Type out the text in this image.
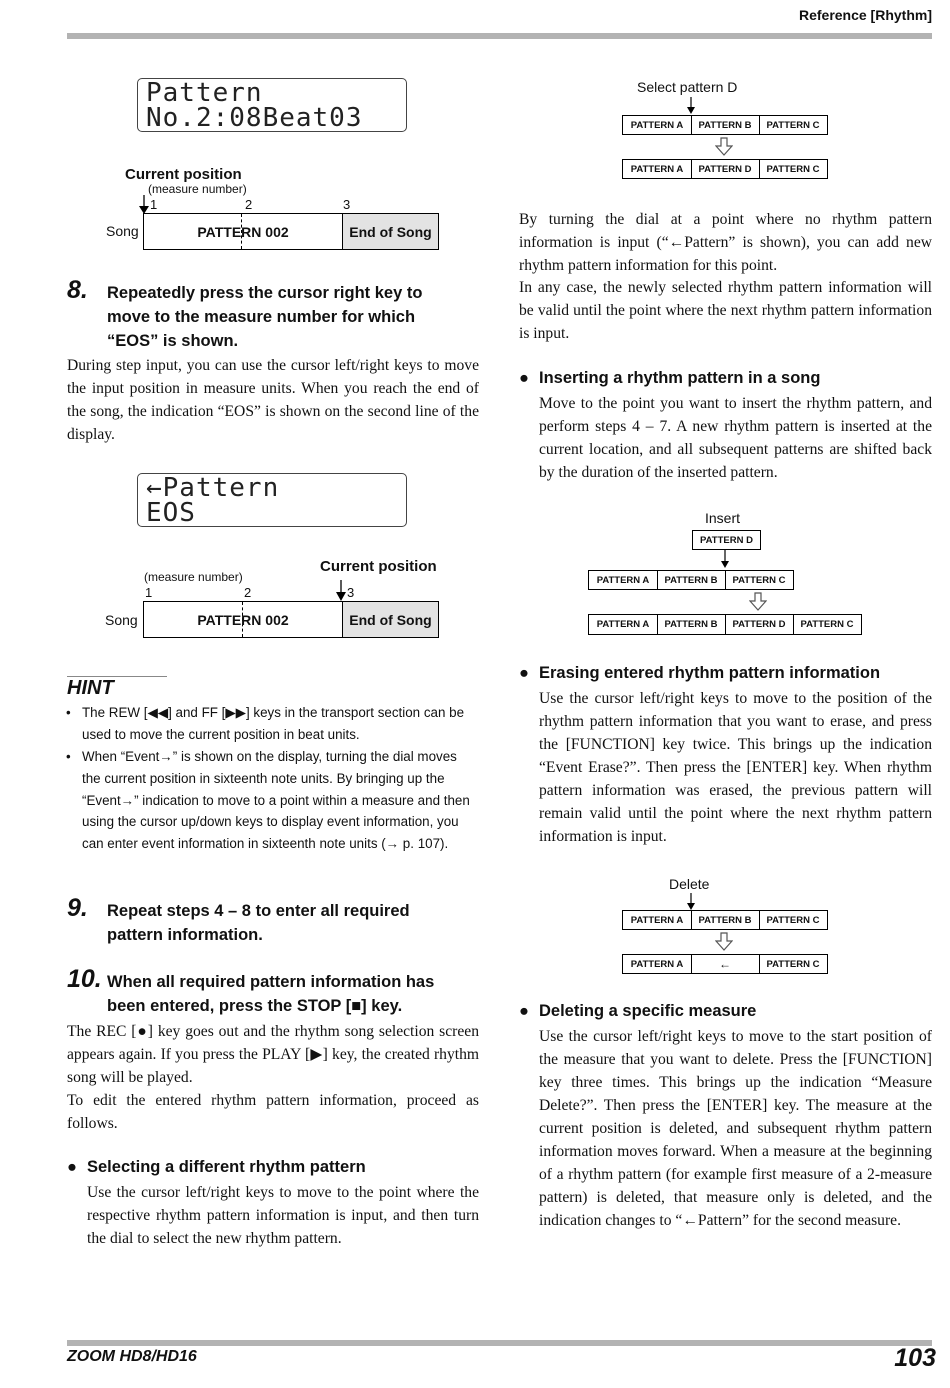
Reference [Rhythm]
Pattern
No.2:08Beat03
Current position
(measure number)
1	2	3
Song	PATTERN 002	End of Song
8. Repeatedly press the cursor right key to move to the measure number for which “EOS” is shown.
During step input, you can use the cursor left/right keys to move the input position in measure units. When you reach the end of the song, the indication “EOS” is shown on the second line of the display.
←Pattern
EOS
Current position
(measure number)
1	2	3
Song	PATTERN 002	End of Song
HINT
• The REW [◀◀] and FF [▶▶] keys in the transport section can be used to move the current position in beat units.
• When “Event→” is shown on the display, turning the dial moves the current position in sixteenth note units. By bringing up the “Event→” indication to move to a point within a measure and then using the cursor up/down keys to display event information, you can enter event information in sixteenth note units (→ p. 107).
9. Repeat steps 4 – 8 to enter all required pattern information.
10. When all required pattern information has been entered, press the STOP [■] key.
The REC [●] key goes out and the rhythm song selection screen appears again. If you press the PLAY [▶] key, the created rhythm song will be played.
To edit the entered rhythm pattern information, proceed as follows.
● Selecting a different rhythm pattern
Use the cursor left/right keys to move to the point where the respective rhythm pattern information is input, and then turn the dial to select the new rhythm pattern.
Select pattern D
PATTERN A	PATTERN B	PATTERN C
PATTERN A	PATTERN D	PATTERN C
By turning the dial at a point where no rhythm pattern information is input (“←Pattern” is shown), you can add new rhythm pattern information for this point.
In any case, the newly selected rhythm pattern information will be valid until the point where the next rhythm pattern information is input.
● Inserting a rhythm pattern in a song
Move to the point you want to insert the rhythm pattern, and perform steps 4 – 7. A new rhythm pattern is inserted at the current location, and all subsequent patterns are shifted back by the duration of the inserted pattern.
Insert
PATTERN D
PATTERN A	PATTERN B	PATTERN C
PATTERN A	PATTERN B	PATTERN D	PATTERN C
● Erasing entered rhythm pattern information
Use the cursor left/right keys to move to the position of the rhythm pattern information that you want to erase, and press the [FUNCTION] key twice. This brings up the indication “Event Erase?”. Then press the [ENTER] key. When rhythm pattern information was erased, the previous pattern will remain valid until the point where the next rhythm pattern information is input.
Delete
PATTERN A	PATTERN B	PATTERN C
PATTERN A	←	PATTERN C
● Deleting a specific measure
Use the cursor left/right keys to move to the start position of the measure that you want to delete. Press the [FUNCTION] key three times. This brings up the indication “Measure Delete?”. Then press the [ENTER] key. The measure at the current position is deleted, and subsequent rhythm pattern information moves forward. When a measure at the beginning of a rhythm pattern (for example first measure of a 2-measure pattern) is deleted, that measure only is deleted, and the indication changes to “←Pattern” for the second measure.
ZOOM HD8/HD16	103
